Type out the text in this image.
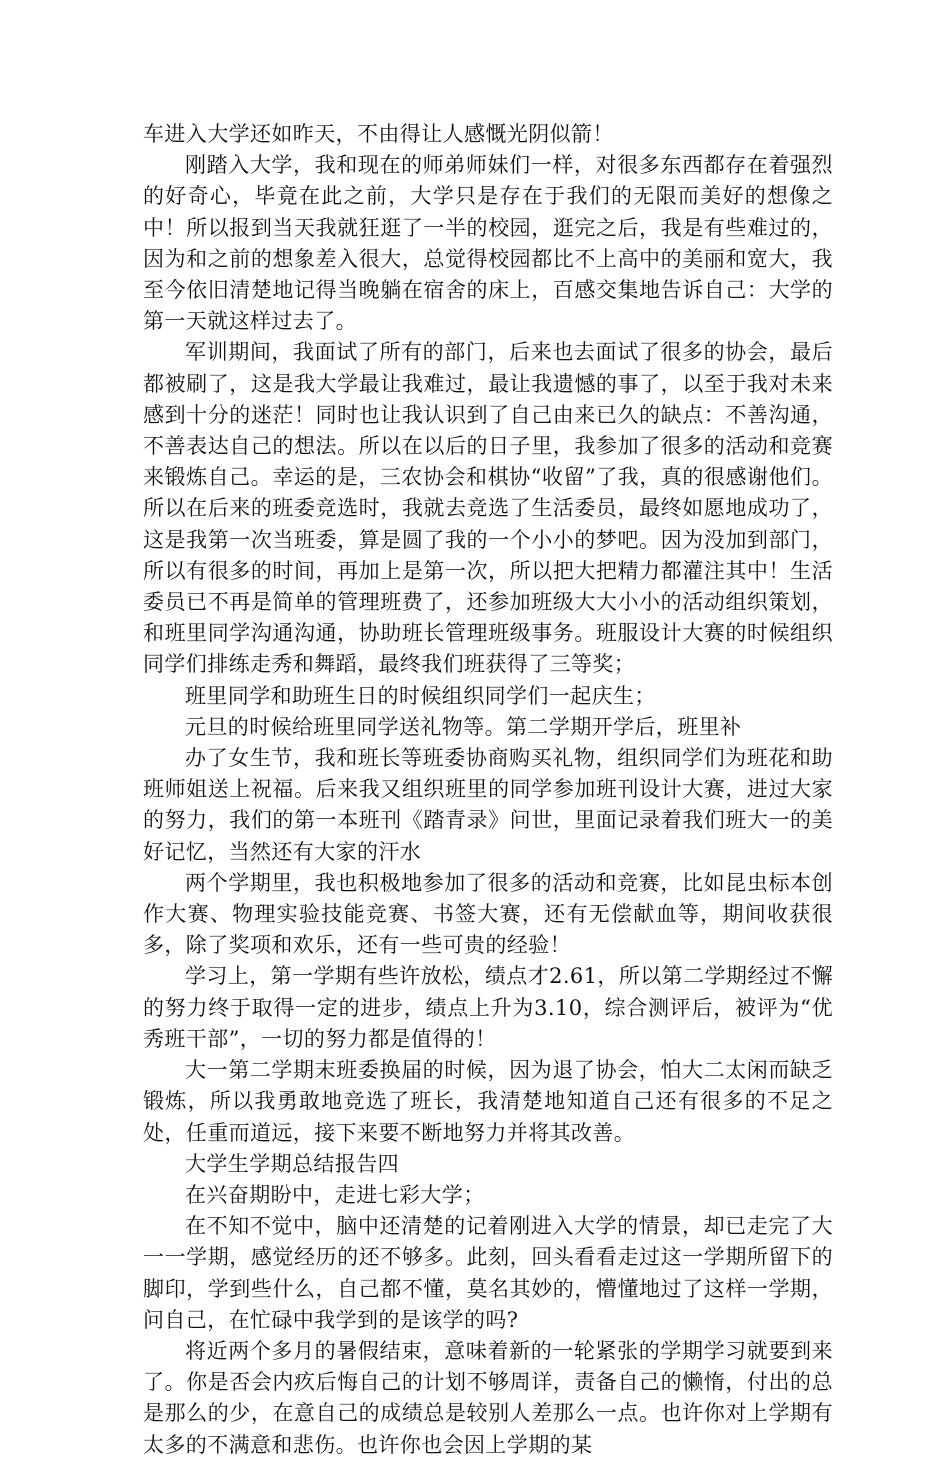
车进入大学还如昨天，不由得让人感慨光阴似箭！

刚踏入大学，我和现在的师弟师妹们一样，对很多东西都存在着强烈的好奇心，毕竟在此之前，大学只是存在于我们的无限而美好的想像之中！所以报到当天我就狂逛了一半的校园，逛完之后，我是有些难过的，因为和之前的想象差入很大，总觉得校园都比不上高中的美丽和宽大，我至今依旧清楚地记得当晚躺在宿舍的床上，百感交集地告诉自己：大学的第一天就这样过去了。

军训期间，我面试了所有的部门，后来也去面试了很多的协会，最后都被刷了，这是我大学最让我难过，最让我遗憾的事了，以至于我对未来感到十分的迷茫！同时也让我认识到了自己由来已久的缺点：不善沟通，不善表达自己的想法。所以在以后的日子里，我参加了很多的活动和竞赛来锻炼自己。幸运的是，三农协会和棋协“收留”了我，真的很感谢他们。所以在后来的班委竞选时，我就去竞选了生活委员，最终如愿地成功了，这是我第一次当班委，算是圆了我的一个小小的梦吧。因为没加到部门，所以有很多的时间，再加上是第一次，所以把大把精力都灌注其中！生活委员已不再是简单的管理班费了，还参加班级大大小小的活动组织策划，和班里同学沟通沟通，协助班长管理班级事务。班服设计大赛的时候组织同学们排练走秀和舞蹈，最终我们班获得了三等奖；

班里同学和助班生日的时候组织同学们一起庆生；

元旦的时候给班里同学送礼物等。第二学期开学后，班里补

办了女生节，我和班长等班委协商购买礼物，组织同学们为班花和助班师姐送上祝福。后来我又组织班里的同学参加班刊设计大赛，进过大家的努力，我们的第一本班刊《踏青录》问世，里面记录着我们班大一的美好记忆，当然还有大家的汗水

两个学期里，我也积极地参加了很多的活动和竞赛，比如昆虫标本创作大赛、物理实验技能竞赛、书签大赛，还有无偿献血等，期间收获很多，除了奖项和欢乐，还有一些可贵的经验！

学习上，第一学期有些许放松，绩点才2.61，所以第二学期经过不懈的努力终于取得一定的进步，绩点上升为3.10，综合测评后，被评为“优秀班干部”，一切的努力都是值得的！

大一第二学期末班委换届的时候，因为退了协会，怕大二太闲而缺乏锻炼，所以我勇敢地竞选了班长，我清楚地知道自己还有很多的不足之处，任重而道远，接下来要不断地努力并将其改善。

大学生学期总结报告四

在兴奋期盼中，走进七彩大学；

在不知不觉中，脑中还清楚的记着刚进入大学的情景，却已走完了大一一学期，感觉经历的还不够多。此刻，回头看看走过这一学期所留下的脚印，学到些什么，自己都不懂，莫名其妙的，懵懂地过了这样一学期，问自己，在忙碌中我学到的是该学的吗?

将近两个多月的暑假结束，意味着新的一轮紧张的学期学习就要到来了。你是否会内疚后悔自己的计划不够周详，责备自己的懒惰，付出的总是那么的少，在意自己的成绩总是较别人差那么一点。也许你对上学期有太多的不满意和悲伤。也许你也会因上学期的某
